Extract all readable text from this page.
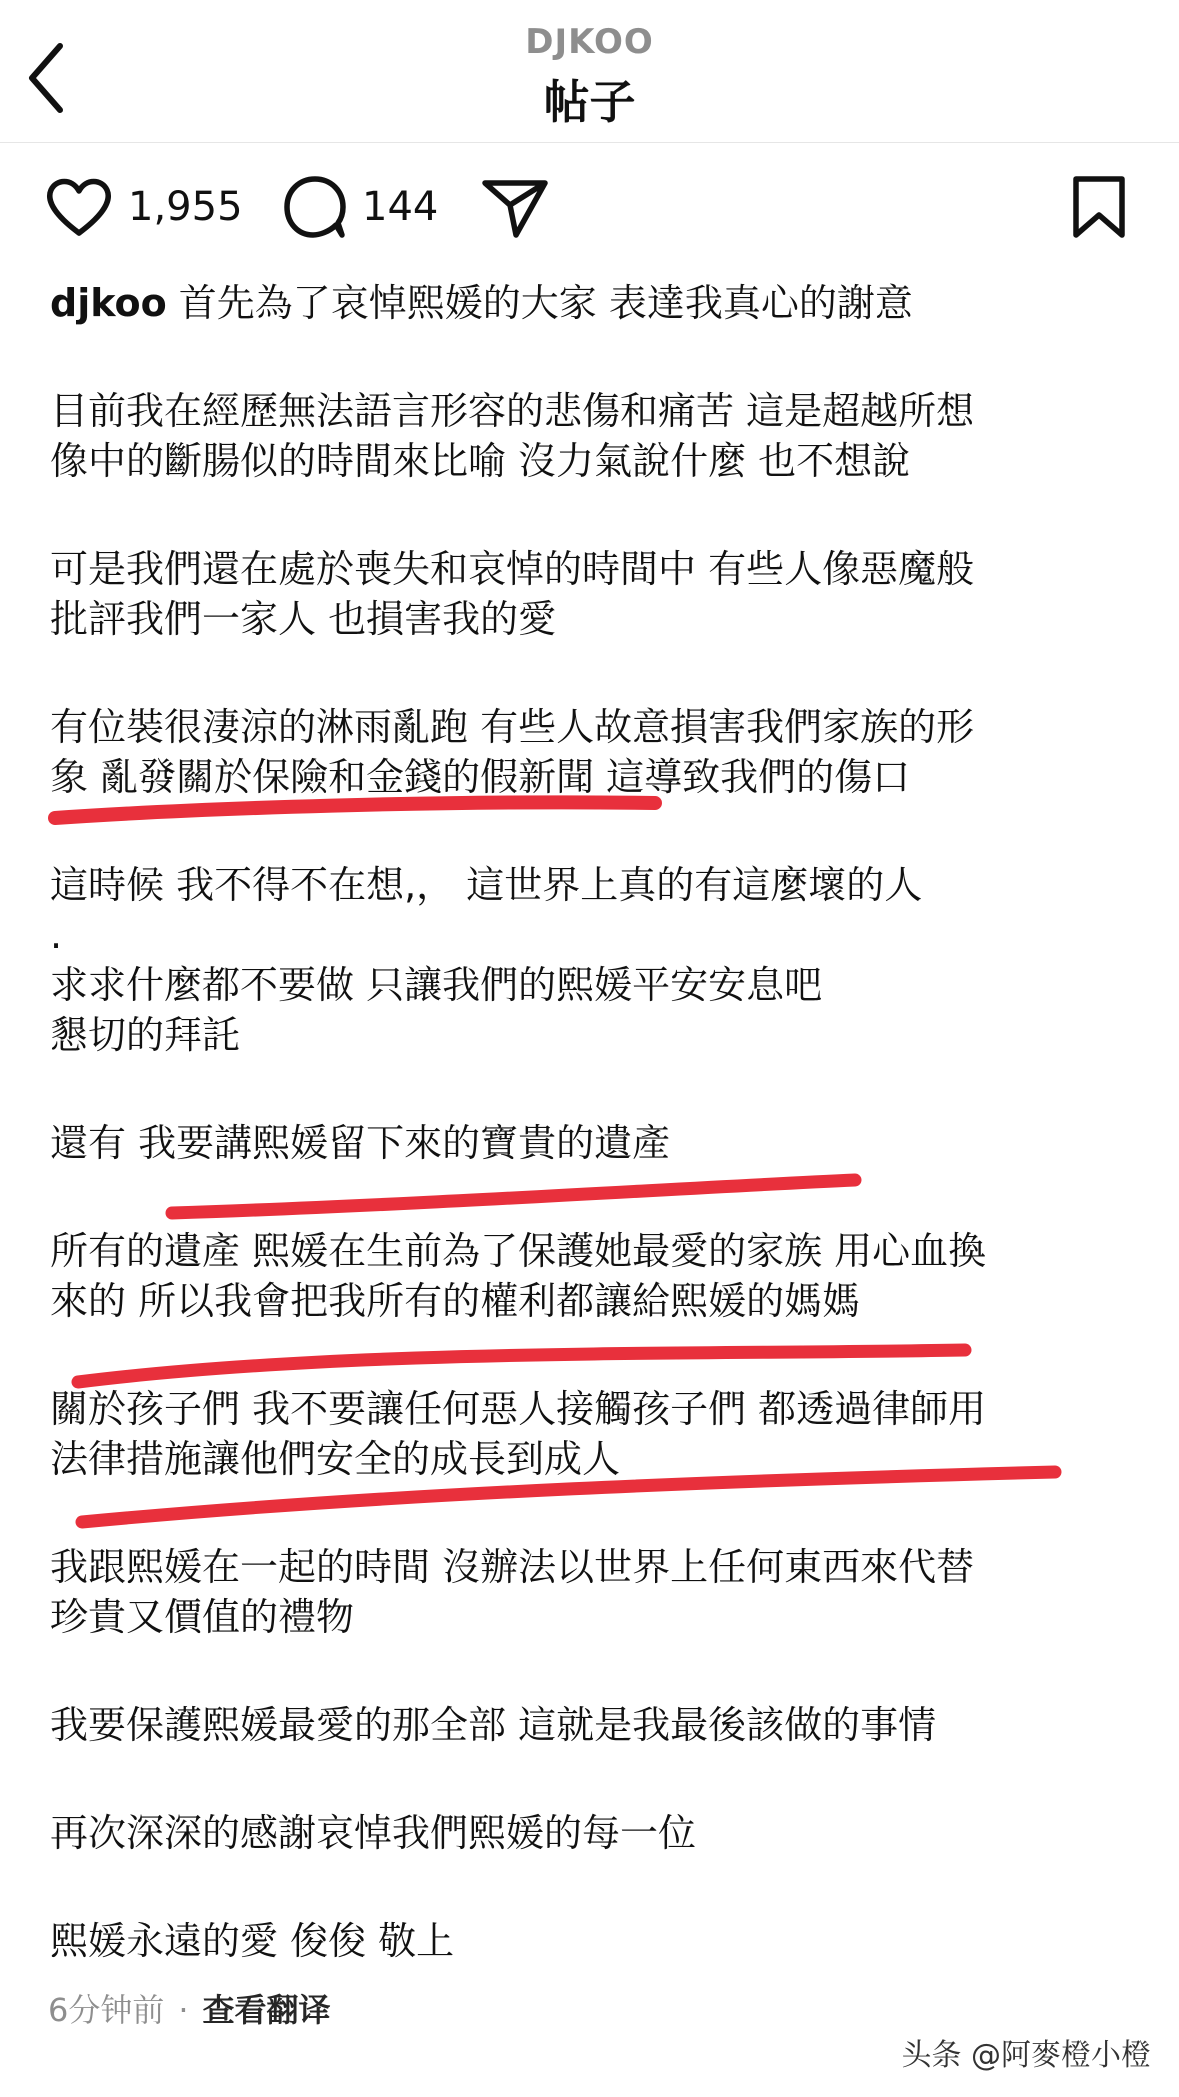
DJKOO
帖子
1,955	144
djkoo 首先為了哀悼熙媛的大家 表達我真心的謝意
目前我在經歷無法語言形容的悲傷和痛苦 這是超越所想
像中的斷腸似的時間來比喻 沒力氣說什麼 也不想說
可是我們還在處於喪失和哀悼的時間中 有些人像惡魔般
批評我們一家人 也損害我的愛
有位裝很淒涼的淋雨亂跑 有些人故意損害我們家族的形
象 亂發關於保險和金錢的假新聞 這導致我們的傷口
這時候 我不得不在想,， 這世界上真的有這麼壞的人
.
求求什麼都不要做 只讓我們的熙媛平安安息吧
懇切的拜託
還有 我要講熙媛留下來的寶貴的遺產
所有的遺產 熙媛在生前為了保護她最愛的家族 用心血換
來的 所以我會把我所有的權利都讓給熙媛的媽媽
關於孩子們 我不要讓任何惡人接觸孩子們 都透過律師用
法律措施讓他們安全的成長到成人
我跟熙媛在一起的時間 沒辦法以世界上任何東西來代替
珍貴又價值的禮物
我要保護熙媛最愛的那全部 這就是我最後該做的事情
再次深深的感謝哀悼我們熙媛的每一位
熙媛永遠的愛 俊俊 敬上
6分钟前 · 查看翻译
头条 @阿麥橙小橙
